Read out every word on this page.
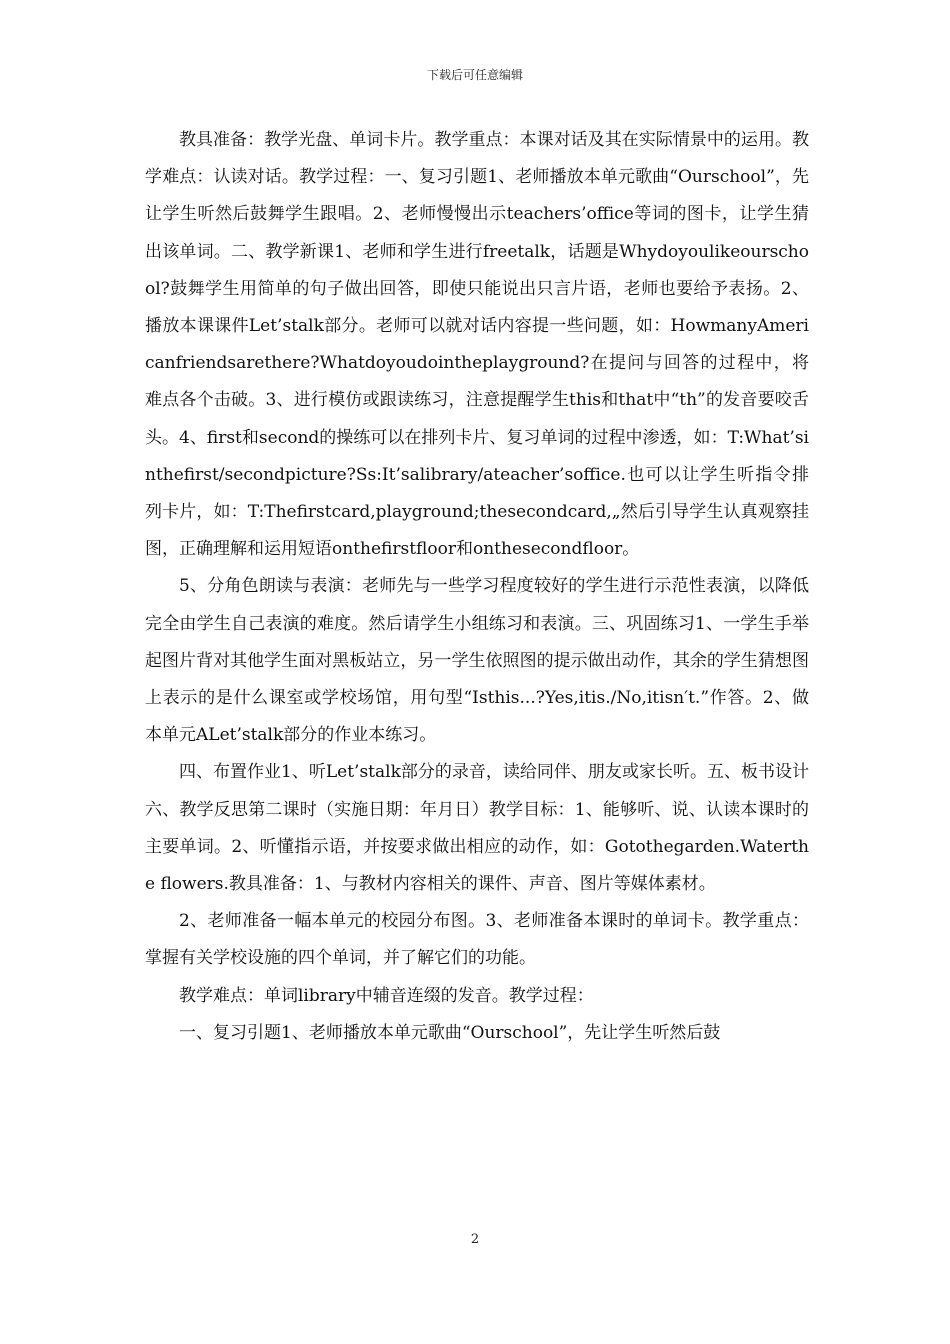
下载后可任意编辑

教具准备：教学光盘、单词卡片。教学重点：本课对话及其在实际情景中的运用。教学难点：认读对话。教学过程：一、复习引题1、老师播放本单元歌曲“Ourschool”，先让学生听然后鼓舞学生跟唱。2、老师慢慢出示teachers’office等词的图卡，让学生猜出该单词。二、教学新课1、老师和学生进行freetalk，话题是Whydoyoulikeourschool?鼓舞学生用简单的句子做出回答，即使只能说出只言片语，老师也要给予表扬。2、播放本课课件Let’stalk部分。老师可以就对话内容提一些问题，如：HowmanyAmericanfriendsarethere?Whatdoyoudointheplayground?在提问与回答的过程中，将难点各个击破。3、进行模仿或跟读练习，注意提醒学生this和that中“th”的发音要咬舌头。4、first和second的操练可以在排列卡片、复习单词的过程中渗透，如：T:What’sinthefirst/secondpicture?Ss:It’salibrary/ateacher’soffice.也可以让学生听指令排列卡片，如：T:Thefirstcard,playground;thesecondcard,„然后引导学生认真观察挂图，正确理解和运用短语onthefirstfloor和onthesecondfloor。

5、分角色朗读与表演：老师先与一些学习程度较好的学生进行示范性表演，以降低完全由学生自己表演的难度。然后请学生小组练习和表演。三、巩固练习1、一学生手举起图片背对其他学生面对黑板站立，另一学生依照图的提示做出动作，其余的学生猜想图上表示的是什么课室或学校场馆，用句型“Isthis...?Yes,itis./No,itisn′t.”作答。2、做本单元ALet’stalk部分的作业本练习。

四、布置作业1、听Let’stalk部分的录音，读给同伴、朋友或家长听。五、板书设计六、教学反思第二课时（实施日期：年月日）教学目标：1、能够听、说、认读本课时的主要单词。2、听懂指示语，并按要求做出相应的动作，如：Gotothegarden.Waterthe flowers.教具准备：1、与教材内容相关的课件、声音、图片等媒体素材。

2、老师准备一幅本单元的校园分布图。3、老师准备本课时的单词卡。教学重点：掌握有关学校设施的四个单词，并了解它们的功能。

教学难点：单词library中辅音连缀的发音。教学过程：

一、复习引题1、老师播放本单元歌曲“Ourschool”，先让学生听然后鼓

2
